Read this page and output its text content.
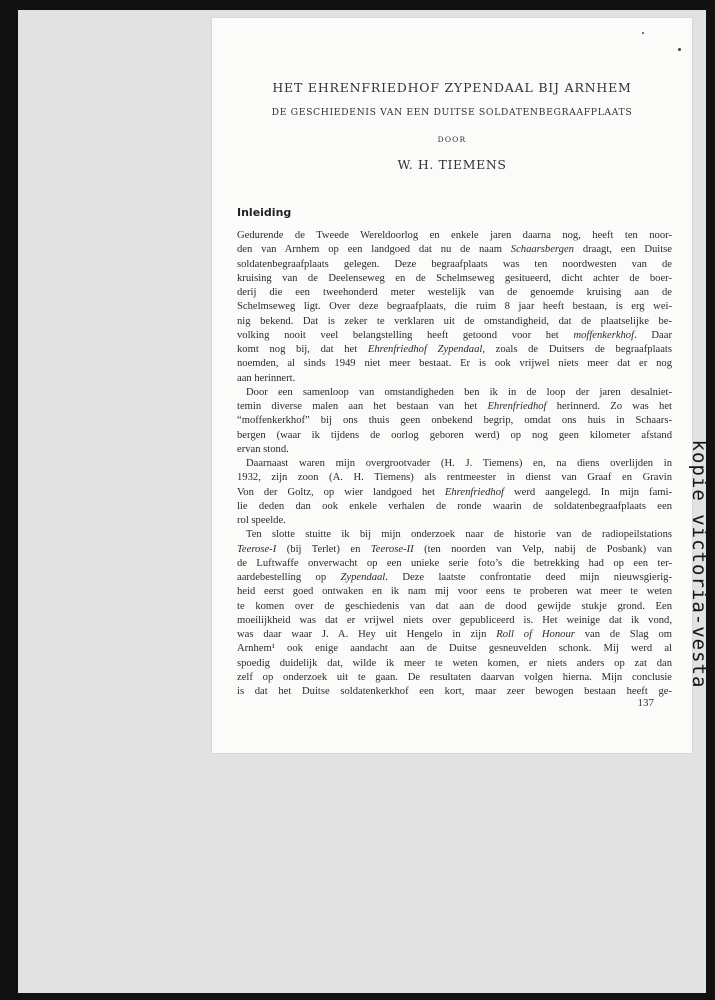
HET EHRENFRIEDHOF ZYPENDAAL BIJ ARNHEM
DE GESCHIEDENIS VAN EEN DUITSE SOLDATENBEGRAAFPLAATS
DOOR
W. H. TIEMENS
Inleiding
Gedurende de Tweede Wereldoorlog en enkele jaren daarna nog, heeft ten noor-
den van Arnhem op een landgoed dat nu de naam Schaarsbergen draagt, een Duitse
soldatenbegraafplaats gelegen. Deze begraafplaats was ten noordwesten van de
kruising van de Deelenseweg en de Schelmseweg gesitueerd, dicht achter de boer-
derij die een tweehonderd meter westelijk van de genoemde kruising aan de
Schelmseweg ligt. Over deze begraafplaats, die ruim 8 jaar heeft bestaan, is erg wei-
nig bekend. Dat is zeker te verklaren uit de omstandigheid, dat de plaatselijke be-
volking nooit veel belangstelling heeft getoond voor het moffenkerkhof. Daar
komt nog bij, dat het Ehrenfriedhof Zypendaal, zoals de Duitsers de begraafplaats
noemden, al sinds 1949 niet meer bestaat. Er is ook vrijwel niets meer dat er nog
aan herinnert.
Door een samenloop van omstandigheden ben ik in de loop der jaren desalniet-
temin diverse malen aan het bestaan van het Ehrenfriedhof herinnerd. Zo was het
“moffenkerkhof” bij ons thuis geen onbekend begrip, omdat ons huis in Schaars-
bergen (waar ik tijdens de oorlog geboren werd) op nog geen kilometer afstand
ervan stond.
Daarnaast waren mijn overgrootvader (H. J. Tiemens) en, na diens overlijden in
1932, zijn zoon (A. H. Tiemens) als rentmeester in dienst van Graaf en Gravin
Von der Goltz, op wier landgoed het Ehrenfriedhof werd aangelegd. In mijn fami-
lie deden dan ook enkele verhalen de ronde waarin de soldatenbegraafplaats een
rol speelde.
Ten slotte stuitte ik bij mijn onderzoek naar de historie van de radiopeilstations
Teerose-I (bij Terlet) en Teerose-II (ten noorden van Velp, nabij de Posbank) van
de Luftwaffe onverwacht op een unieke serie foto’s die betrekking had op een ter-
aardebestelling op Zypendaal. Deze laatste confrontatie deed mijn nieuwsgierig-
heid eerst goed ontwaken en ik nam mij voor eens te proberen wat meer te weten
te komen over de geschiedenis van dat aan de dood gewijde stukje grond. Een
moeilijkheid was dat er vrijwel niets over gepubliceerd is. Het weinige dat ik vond,
was daar waar J. A. Hey uit Hengelo in zijn Roll of Honour van de Slag om
Arnhem¹ ook enige aandacht aan de Duitse gesneuvelden schonk. Mij werd al
spoedig duidelijk dat, wilde ik meer te weten komen, er niets anders op zat dan
zelf op onderzoek uit te gaan. De resultaten daarvan volgen hierna. Mijn conclusie
is dat het Duitse soldatenkerkhof een kort, maar zeer bewogen bestaan heeft ge-
137
kopie victoria-vesta
